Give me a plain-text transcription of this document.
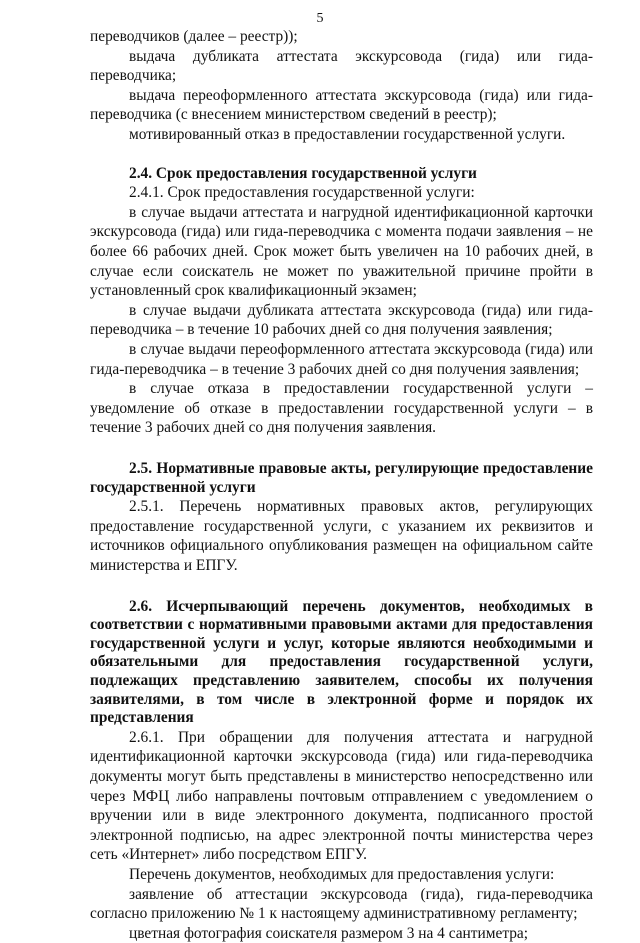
5

переводчиков (далее – реестр));

выдача дубликата аттестата экскурсовода (гида) или гида-переводчика;

выдача переоформленного аттестата экскурсовода (гида) или гида-переводчика (с внесением министерством сведений в реестр);

мотивированный отказ в предоставлении государственной услуги.

2.4. Срок предоставления государственной услуги

2.4.1. Срок предоставления государственной услуги:

в случае выдачи аттестата и нагрудной идентификационной карточки экскурсовода (гида) или гида-переводчика с момента подачи заявления – не более 66 рабочих дней. Срок может быть увеличен на 10 рабочих дней, в случае если соискатель не может по уважительной причине пройти в установленный срок квалификационный экзамен;

в случае выдачи дубликата аттестата экскурсовода (гида) или гида-переводчика – в течение 10 рабочих дней со дня получения заявления;

в случае выдачи переоформленного аттестата экскурсовода (гида) или гида-переводчика – в течение 3 рабочих дней со дня получения заявления;

в случае отказа в предоставлении государственной услуги – уведомление об отказе в предоставлении государственной услуги – в течение 3 рабочих дней со дня получения заявления.

2.5. Нормативные правовые акты, регулирующие предоставление государственной услуги

2.5.1. Перечень нормативных правовых актов, регулирующих предоставление государственной услуги, с указанием их реквизитов и источников официального опубликования размещен на официальном сайте министерства и ЕПГУ.

2.6. Исчерпывающий перечень документов, необходимых в соответствии с нормативными правовыми актами для предоставления государственной услуги и услуг, которые являются необходимыми и обязательными для предоставления государственной услуги, подлежащих представлению заявителем, способы их получения заявителями, в том числе в электронной форме и порядок их представления

2.6.1. При обращении для получения аттестата и нагрудной идентификационной карточки экскурсовода (гида) или гида-переводчика документы могут быть представлены в министерство непосредственно или через МФЦ либо направлены почтовым отправлением с уведомлением о вручении или в виде электронного документа, подписанного простой электронной подписью, на адрес электронной почты министерства через сеть «Интернет» либо посредством ЕПГУ.

Перечень документов, необходимых для предоставления услуги:

заявление об аттестации экскурсовода (гида), гида-переводчика согласно приложению № 1 к настоящему административному регламенту;

цветная фотография соискателя размером 3 на 4 сантиметра;
